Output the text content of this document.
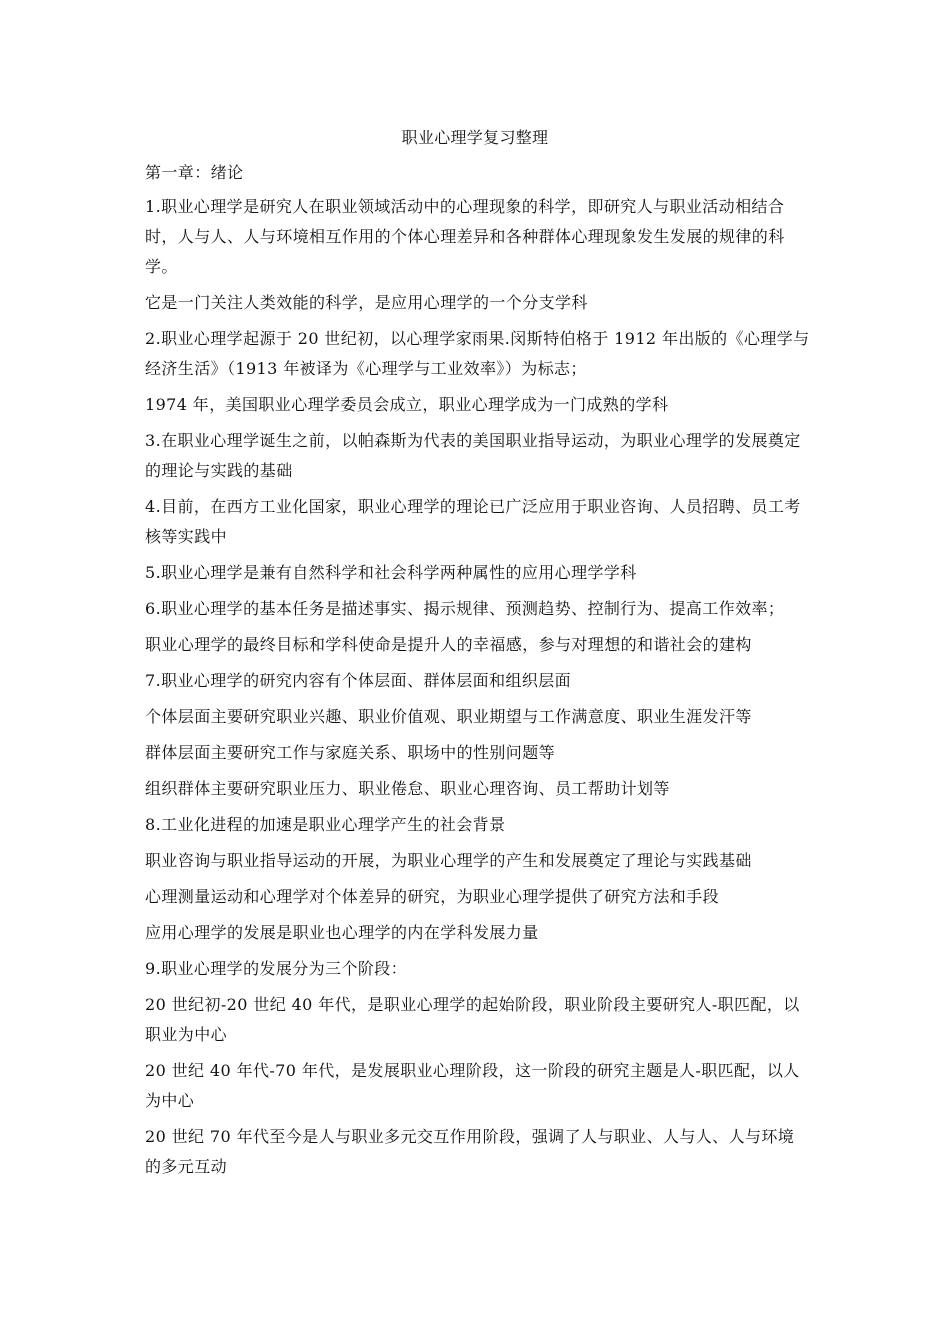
职业心理学复习整理

第一章：绪论

1.职业心理学是研究人在职业领域活动中的心理现象的科学，即研究人与职业活动相结合时，人与人、人与环境相互作用的个体心理差异和各种群体心理现象发生发展的规律的科学。

它是一门关注人类效能的科学，是应用心理学的一个分支学科

2.职业心理学起源于 20 世纪初，以心理学家雨果.闵斯特伯格于 1912 年出版的《心理学与经济生活》（1913 年被译为《心理学与工业效率》）为标志；

1974 年，美国职业心理学委员会成立，职业心理学成为一门成熟的学科

3.在职业心理学诞生之前，以帕森斯为代表的美国职业指导运动，为职业心理学的发展奠定的理论与实践的基础

4.目前，在西方工业化国家，职业心理学的理论已广泛应用于职业咨询、人员招聘、员工考核等实践中

5.职业心理学是兼有自然科学和社会科学两种属性的应用心理学学科

6.职业心理学的基本任务是描述事实、揭示规律、预测趋势、控制行为、提高工作效率；

职业心理学的最终目标和学科使命是提升人的幸福感，参与对理想的和谐社会的建构

7.职业心理学的研究内容有个体层面、群体层面和组织层面

个体层面主要研究职业兴趣、职业价值观、职业期望与工作满意度、职业生涯发汗等

群体层面主要研究工作与家庭关系、职场中的性别问题等

组织群体主要研究职业压力、职业倦怠、职业心理咨询、员工帮助计划等

8.工业化进程的加速是职业心理学产生的社会背景

职业咨询与职业指导运动的开展，为职业心理学的产生和发展奠定了理论与实践基础

心理测量运动和心理学对个体差异的研究，为职业心理学提供了研究方法和手段

应用心理学的发展是职业也心理学的内在学科发展力量

9.职业心理学的发展分为三个阶段：

20 世纪初-20 世纪 40 年代，是职业心理学的起始阶段，职业阶段主要研究人-职匹配，以职业为中心

20 世纪 40 年代-70 年代，是发展职业心理阶段，这一阶段的研究主题是人-职匹配，以人为中心

20 世纪 70 年代至今是人与职业多元交互作用阶段，强调了人与职业、人与人、人与环境的多元互动
